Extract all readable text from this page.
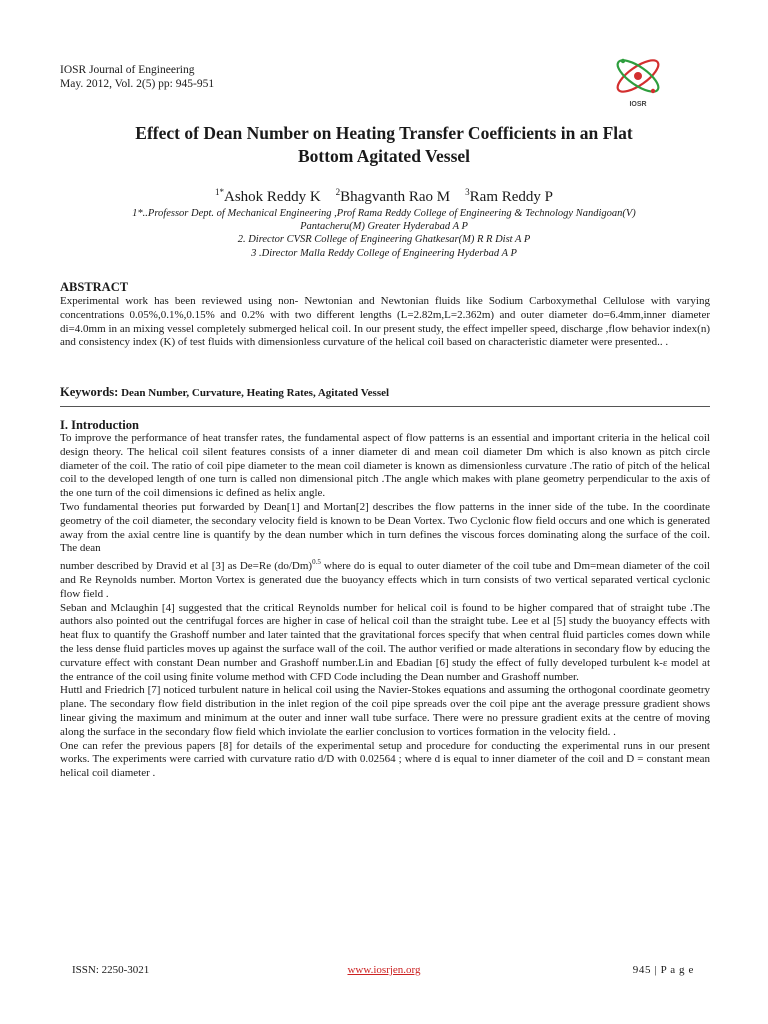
IOSR Journal of Engineering
May. 2012, Vol. 2(5) pp: 945-951
IOSR
Effect of Dean Number on Heating Transfer Coefficients in an Flat
Bottom Agitated Vessel
$^{1*}$Ashok Reddy K $^2$Bhagvanth Rao M $^3$Ram Reddy P
1*..Professor Dept. of Mechanical Engineering ,Prof Rama Reddy College of Engineering & Technology Nandigoan(V)
Pantacheru(M) Greater Hyderabad A P
2. Director CVSR College of Engineering Ghatkesar(M) R R Dist A P
3 .Director Malla Reddy College of Engineering Hyderbad A P
ABSTRACT
Experimental work has been reviewed using non- Newtonian and Newtonian fluids like Sodium Carboxymethal Cellulose with varying concentrations 0.05%,0.1%,0.15% and 0.2% with two different lengths (L=2.82m,L=2.362m) and outer diameter do=6.4mm,inner diameter di=4.0mm in an mixing vessel completely submerged helical coil. In our present study, the effect impeller speed, discharge ,flow behavior index(n) and consistency index (K) of test fluids with dimensionless curvature of the helical coil based on characteristic diameter were presented.. .
Keywords: Dean Number, Curvature, Heating Rates, Agitated Vessel
I. Introduction

To improve the performance of heat transfer rates, the fundamental aspect of flow patterns is an essential and important criteria in the helical coil design theory. The helical coil silent features consists of a inner diameter di and mean coil diameter Dm which is also known as pitch circle diameter of the coil. The ratio of coil pipe diameter to the mean coil diameter is known as dimensionless curvature .The ratio of pitch of the helical coil to the developed length of one turn is called non dimensional pitch .The angle which makes with plane geometry perpendicular to the axis of the one turn of the coil dimensions ic defined as helix angle.

Two fundamental theories put forwarded by Dean[1] and Mortan[2] describes the flow patterns in the inner side of the tube. In the coordinate geometry of the coil diameter, the secondary velocity field is known to be Dean Vortex. Two Cyclonic flow field occurs and one which is generated away from the axial centre line is quantify by the dean number which in turn defines the viscous forces dominating along the surface of the coil. The dean
number described by Dravid et al [3] as De=Re $(do/Dm)^{0.5}$ where do is equal to outer diameter of the coil tube and Dm=mean diameter of the coil and Re Reynolds number. Morton Vortex is generated due the buoyancy effects which in turn consists of two vertical separated vertical cyclonic flow field .

Seban and Mclaughin [4] suggested that the critical Reynolds number for helical coil is found to be higher compared that of straight tube .The authors also pointed out the centrifugal forces are higher in case of helical coil than the straight tube. Lee et al [5] study the buoyancy effects with heat flux to quantify the Grashoff number and later tainted that the gravitational forces specify that when central fluid particles comes down while the less dense fluid particles moves up against the surface wall of the coil. The author verified or made alterations in secondary flow by educing the curvature effect with constant Dean number and Grashoff number.Lin and Ebadian [6] study the effect of fully developed turbulent k-ε model at the entrance of the coil using finite volume method with CFD Code including the Dean number and Grashoff number.

Huttl and Friedrich [7] noticed turbulent nature in helical coil using the Navier-Stokes equations and assuming the orthogonal coordinate geometry plane. The secondary flow field distribution in the inlet region of the coil pipe spreads over the coil pipe ant the average pressure gradient shows linear giving the maximum and minimum at the outer and inner wall tube surface. There were no pressure gradient exits at the centre of moving along the surface in the secondary flow field which inviolate the earlier conclusion to vortices formation in the velocity field. .

One can refer the previous papers [8] for details of the experimental setup and procedure for conducting the experimental runs in our present works. The experiments were carried with curvature ratio d/D with 0.02564 ; where d is equal to inner diameter of the coil and D = constant mean helical coil diameter .

ISSN: 2250-3021	www.iosrjen.org	945 | P a g e
